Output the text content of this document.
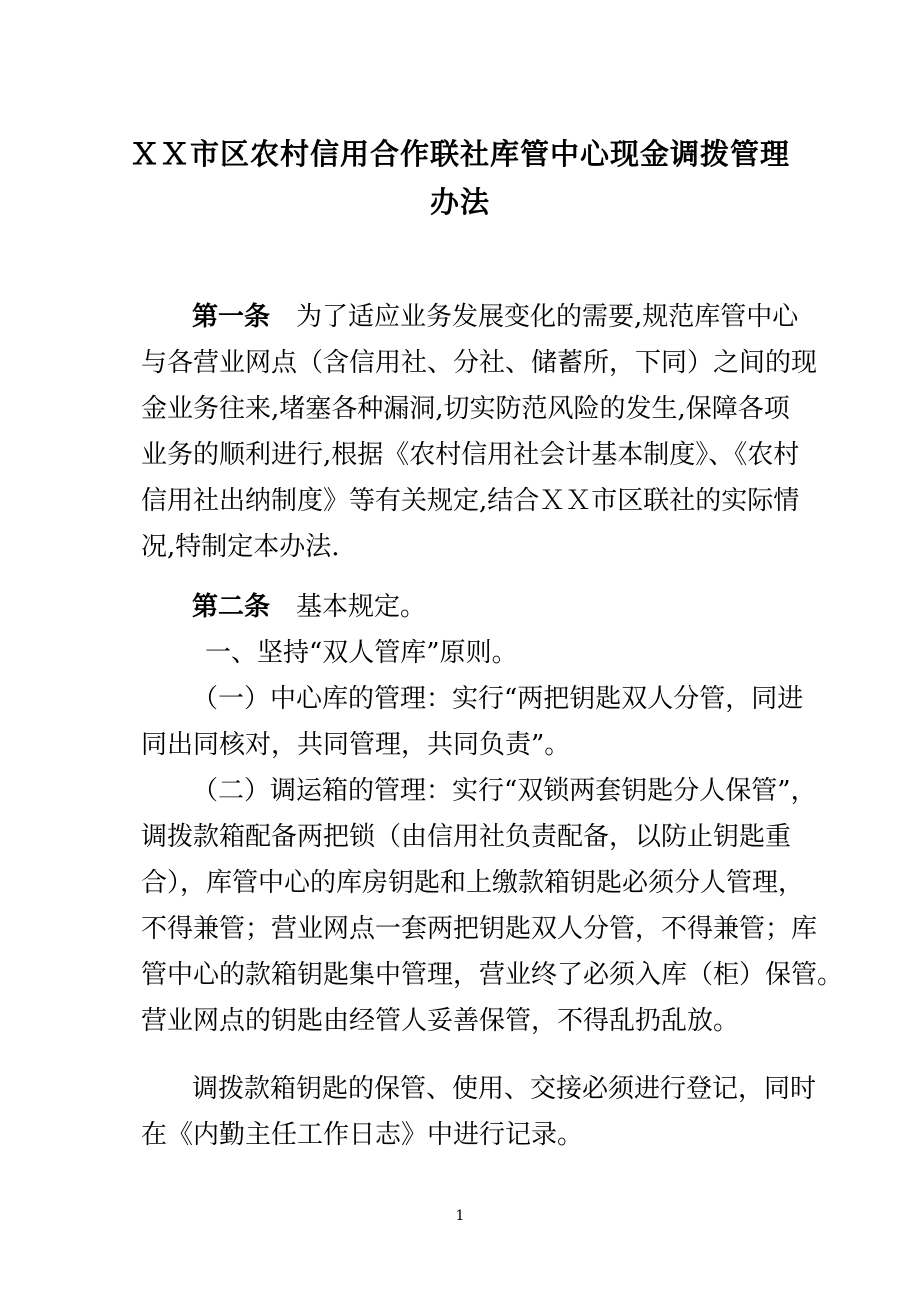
ＸＸ市区农村信用合作联社库管中心现金调拨管理
办法
第一条　为了适应业务发展变化的需要,规范库管中心
与各营业网点（含信用社、分社、储蓄所，下同）之间的现
金业务往来,堵塞各种漏洞,切实防范风险的发生,保障各项
业务的顺利进行,根据《农村信用社会计基本制度》、《农村
信用社出纳制度》等有关规定,结合ＸＸ市区联社的实际情
况,特制定本办法.
第二条　基本规定。
一、坚持“双人管库”原则。
（一）中心库的管理：实行“两把钥匙双人分管，同进
同出同核对，共同管理，共同负责”。
（二）调运箱的管理：实行“双锁两套钥匙分人保管”，
调拨款箱配备两把锁（由信用社负责配备，以防止钥匙重
合），库管中心的库房钥匙和上缴款箱钥匙必须分人管理，
不得兼管；营业网点一套两把钥匙双人分管，不得兼管；库
管中心的款箱钥匙集中管理，营业终了必须入库（柜）保管。
营业网点的钥匙由经管人妥善保管，不得乱扔乱放。
调拨款箱钥匙的保管、使用、交接必须进行登记，同时
在《内勤主任工作日志》中进行记录。
1
